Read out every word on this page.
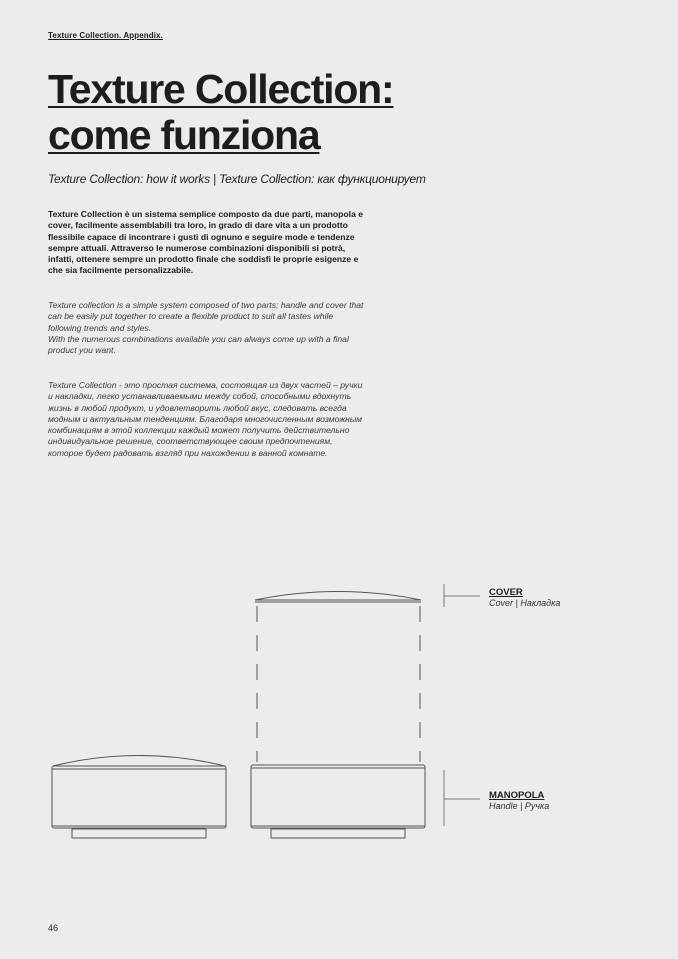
Texture Collection. Appendix.
Texture Collection:
come funziona
Texture Collection: how it works | Texture Collection: как функционирует

Texture Collection è un sistema semplice composto da due parti, manopola e cover, facilmente assemblabili tra loro, in grado di dare vita a un prodotto flessibile capace di incontrare i gusti di ognuno e seguire mode e tendenze sempre attuali. Attraverso le numerose combinazioni disponibili si potrà, infatti, ottenere sempre un prodotto finale che soddisfi le proprie esigenze e che sia facilmente personalizzabile.

Texture collection is a simple system composed of two parts: handle and cover that can be easily put together to create a flexible product to suit all tastes while following trends and styles.

With the numerous combinations available you can always come up with a final product you want.

Texture Collection - это простая система, состоящая из двух частей – ручки и накладки, легко устанавливаемыми между собой, способными вдохнуть жизнь в любой продукт, и удовлетворить любой вкус, следовать всегда модным и актуальным тенденциям. Благодаря многочисленным возможным комбинациям в этой коллекции каждый может получить действительно индивидуальное решение, соответствующее своим предпочтениям, которое будет радовать взгляд при нахождении в ванной комнате.

COVER
Cover | Накладка
MANOPOLA
Handle | Ручка
46
